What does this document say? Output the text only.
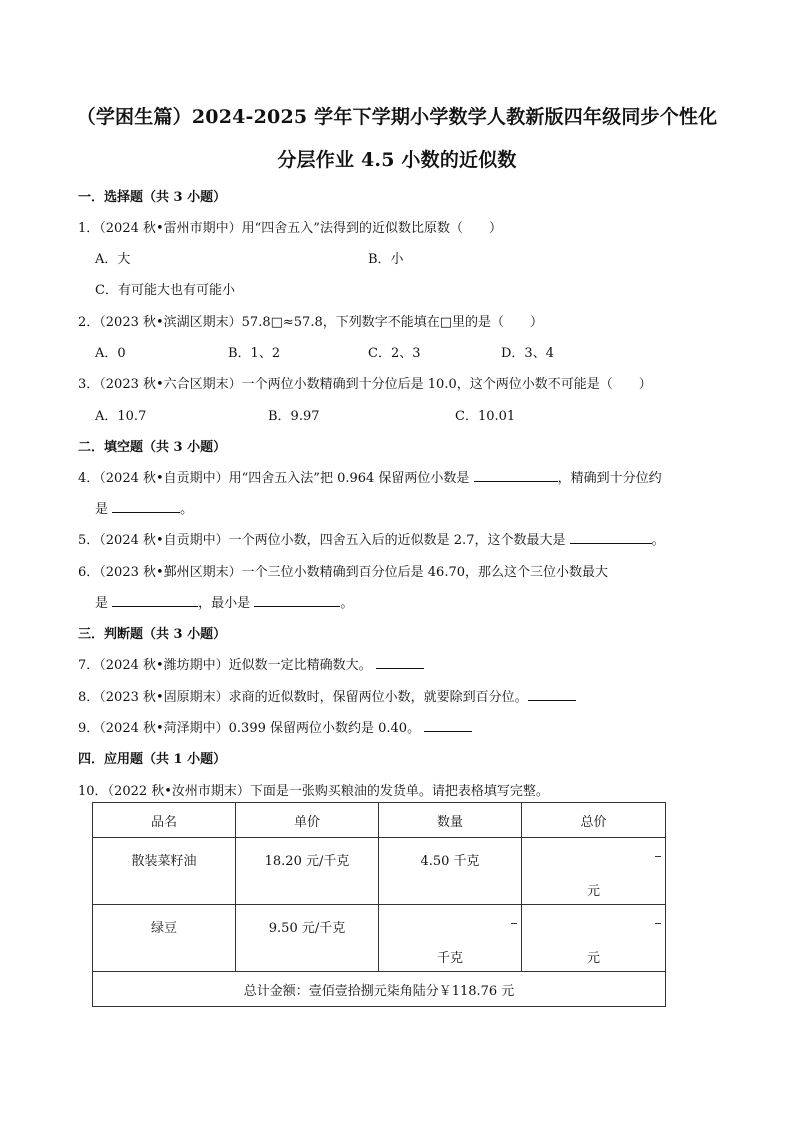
（学困生篇）2024-2025 学年下学期小学数学人教新版四年级同步个性化
分层作业 4.5 小数的近似数
一．选择题（共 3 小题）
1．（2024 秋•雷州市期中）用“四舍五入”法得到的近似数比原数（　　）
A．大	B．小
C．有可能大也有可能小
2．（2023 秋•滨湖区期末）57.8□≈57.8，下列数字不能填在□里的是（　　）
A．0	B．1、2	C．2、3	D．3、4
3．（2023 秋•六合区期末）一个两位小数精确到十分位后是 10.0，这个两位小数不可能是（　　）
A．10.7	B．9.97	C．10.01
二．填空题（共 3 小题）
4．（2024 秋•自贡期中）用“四舍五入法”把 0.964 保留两位小数是	，精确到十分位约
是	。
5．（2024 秋•自贡期中）一个两位小数，四舍五入后的近似数是 2.7，这个数最大是	。
6．（2023 秋•鄞州区期末）一个三位小数精确到百分位后是 46.70，那么这个三位小数最大
是	，最小是	。
三．判断题（共 3 小题）
7．（2024 秋•潍坊期中）近似数一定比精确数大。
8．（2023 秋•固原期末）求商的近似数时，保留两位小数，就要除到百分位。
9．（2024 秋•菏泽期中）0.399 保留两位小数约是 0.40。
四．应用题（共 1 小题）
10．（2022 秋•汝州市期末）下面是一张购买粮油的发货单。请把表格填写完整。
品名	单价	数量	总价

散装菜籽油	18.20 元/千克	4.50 千克	元

绿豆	9.50 元/千克	千克	元

总计金额：壹佰壹拾捌元柒角陆分￥118.76 元			
